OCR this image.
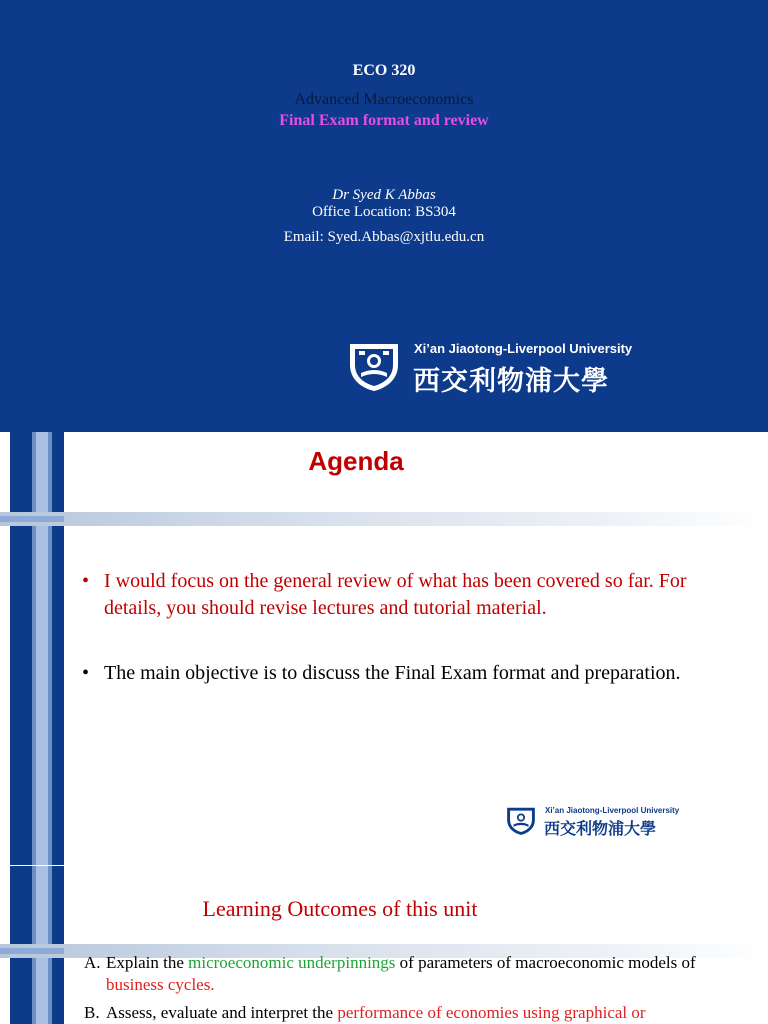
ECO 320
Advanced Macroeconomics
Final Exam format and review
Dr Syed K Abbas
Office Location: BS304
Email: Syed.Abbas@xjtlu.edu.cn
Xi’an Jiaotong-Liverpool University
西交利物浦大學
Agenda
• I would focus on the general review of what has been covered so far. For details, you should revise lectures and tutorial material.
• The main objective is to discuss the Final Exam format and preparation.
Xi’an Jiaotong-Liverpool University
西交利物浦大學
Learning Outcomes of this unit
A. Explain the microeconomic underpinnings of parameters of macroeconomic models of business cycles.
B. Assess, evaluate and interpret the performance of economies using graphical or
